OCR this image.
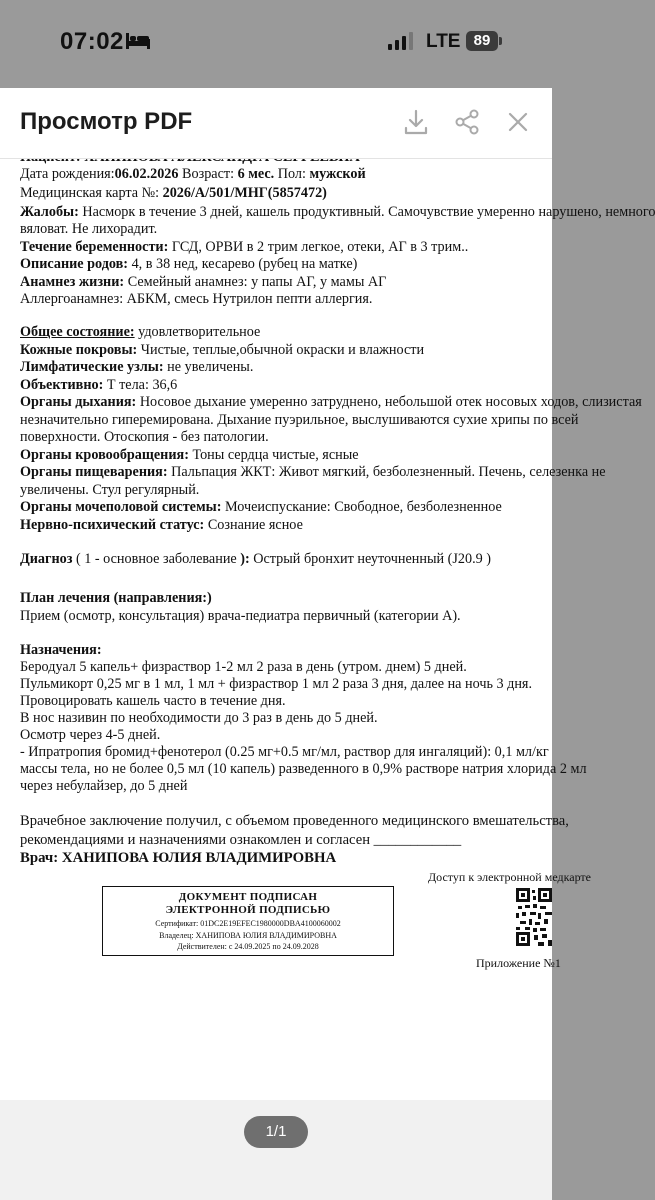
07:02	LTE 89
Просмотр PDF
Дата рождения:06.02.2026 Возраст: 6 мес. Пол: мужской
Медицинская карта №: 2026/А/501/МНГ(5857472)
Жалобы: Насморк в течение 3 дней, кашель продуктивный. Самочувствие умеренно нарушено, немного
вяловат. Не лихорадит.
Течение беременности: ГСД, ОРВИ в 2 трим легкое, отеки, АГ в 3 трим..
Описание родов: 4, в 38 нед, кесарево (рубец на матке)
Анамнез жизни: Семейный анамнез: у папы АГ, у мамы АГ
Аллергоанамнез: АБКМ, смесь Нутрилон пепти аллергия.
Общее состояние: удовлетворительное
Кожные покровы: Чистые, теплые,обычной окраски и влажности
Лимфатические узлы: не увеличены.
Объективно: Т тела: 36,6
Органы дыхания: Носовое дыхание умеренно затруднено, небольшой отек носовых ходов, слизистая
незначительно гиперемирована. Дыхание пуэрильное, выслушиваются сухие хрипы по всей
поверхности. Отоскопия - без патологии.
Органы кровообращения: Тоны сердца чистые, ясные
Органы пищеварения: Пальпация ЖКТ: Живот мягкий, безболезненный. Печень, селезенка не
увеличены. Стул регулярный.
Органы мочеполовой системы: Мочеиспускание: Свободное, безболезненное
Нервно-психический статус: Сознание ясное
Диагноз ( 1 - основное заболевание ): Острый бронхит неуточненный (J20.9 )
План лечения (направления:)
Прием (осмотр, консультация) врача-педиатра первичный (категории А).
Назначения:
Беродуал 5 капель+ физраствор 1-2 мл 2 раза в день (утром. днем) 5 дней.
Пульмикорт 0,25 мг в 1 мл, 1 мл + физраствор 1 мл 2 раза 3 дня, далее на ночь 3 дня.
Провоцировать кашель часто в течение дня.
В нос називин по необходимости до 3 раз в день до 5 дней.
Осмотр через 4-5 дней.
- Ипратропия бромид+фенотерол (0.25 мг+0.5 мг/мл, раствор для ингаляций): 0,1 мл/кг
массы тела, но не более 0,5 мл (10 капель) разведенного в 0,9% растворе натрия хлорида 2 мл
через небулайзер, до 5 дней
Врачебное заключение получил, с объемом проведенного медицинского вмешательства,
рекомендациями и назначениями ознакомлен и согласен ____________
Врач: ХАНИПОВА ЮЛИЯ ВЛАДИМИРОВНА
Доступ к электронной медкарте
Приложение №1
ДОКУМЕНТ ПОДПИСАН
ЭЛЕКТРОННОЙ ПОДПИСЬЮ
Сертификат: 01DC2E19EFEC1980000DBA4100060002
Владелец: ХАНИПОВА ЮЛИЯ ВЛАДИМИРОВНА
Действителен: с 24.09.2025 по 24.09.2028
1/1
